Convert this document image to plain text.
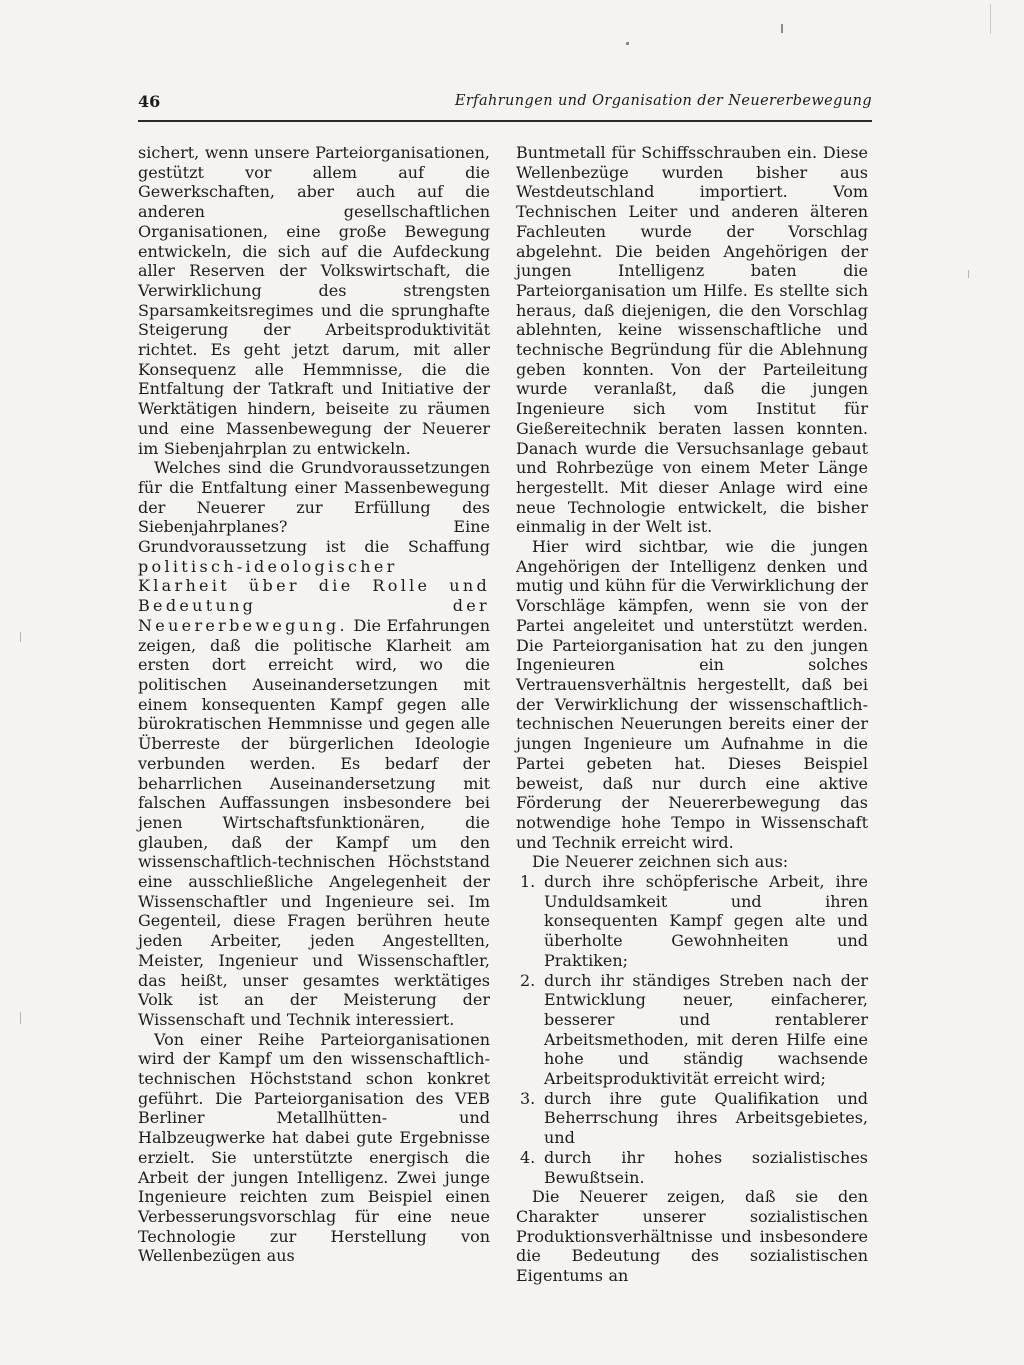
46	Erfahrungen und Organisation der Neuererbewegung

sichert, wenn unsere Parteiorganisationen, gestützt vor allem auf die Gewerkschaften, aber auch auf die anderen gesellschaftlichen Organisationen, eine große Bewegung entwickeln, die sich auf die Aufdeckung aller Reserven der Volkswirtschaft, die Verwirklichung des strengsten Sparsamkeitsregimes und die sprunghafte Steigerung der Arbeitsproduktivität richtet. Es geht jetzt darum, mit aller Konsequenz alle Hemmnisse, die die Entfaltung der Tatkraft und Initiative der Werktätigen hindern, beiseite zu räumen und eine Massenbewegung der Neuerer im Siebenjahrplan zu entwickeln.

Welches sind die Grundvoraussetzungen für die Entfaltung einer Massenbewegung der Neuerer zur Erfüllung des Siebenjahrplanes? Eine Grundvoraussetzung ist die Schaffung politisch-ideologischer Klarheit über die Rolle und Bedeutung der Neuererbewegung. Die Erfahrungen zeigen, daß die politische Klarheit am ersten dort erreicht wird, wo die politischen Auseinandersetzungen mit einem konsequenten Kampf gegen alle bürokratischen Hemmnisse und gegen alle Überreste der bürgerlichen Ideologie verbunden werden. Es bedarf der beharrlichen Auseinandersetzung mit falschen Auffassungen insbesondere bei jenen Wirtschaftsfunktionären, die glauben, daß der Kampf um den wissenschaftlich-technischen Höchststand eine ausschließliche Angelegenheit der Wissenschaftler und Ingenieure sei. Im Gegenteil, diese Fragen berühren heute jeden Arbeiter, jeden Angestellten, Meister, Ingenieur und Wissenschaftler, das heißt, unser gesamtes werktätiges Volk ist an der Meisterung der Wissenschaft und Technik interessiert.

Von einer Reihe Parteiorganisationen wird der Kampf um den wissenschaftlich-technischen Höchststand schon konkret geführt. Die Parteiorganisation des VEB Berliner Metallhütten- und Halbzeugwerke hat dabei gute Ergebnisse erzielt. Sie unterstützte energisch die Arbeit der jungen Intelligenz. Zwei junge Ingenieure reichten zum Beispiel einen Verbesserungsvorschlag für eine neue Technologie zur Herstellung von Wellenbezügen aus

Buntmetall für Schiffsschrauben ein. Diese Wellenbezüge wurden bisher aus Westdeutschland importiert. Vom Technischen Leiter und anderen älteren Fachleuten wurde der Vorschlag abgelehnt. Die beiden Angehörigen der jungen Intelligenz baten die Parteiorganisation um Hilfe. Es stellte sich heraus, daß diejenigen, die den Vorschlag ablehnten, keine wissenschaftliche und technische Begründung für die Ablehnung geben konnten. Von der Parteileitung wurde veranlaßt, daß die jungen Ingenieure sich vom Institut für Gießereitechnik beraten lassen konnten. Danach wurde die Versuchsanlage gebaut und Rohrbezüge von einem Meter Länge hergestellt. Mit dieser Anlage wird eine neue Technologie entwickelt, die bisher einmalig in der Welt ist.

Hier wird sichtbar, wie die jungen Angehörigen der Intelligenz denken und mutig und kühn für die Verwirklichung der Vorschläge kämpfen, wenn sie von der Partei angeleitet und unterstützt werden. Die Parteiorganisation hat zu den jungen Ingenieuren ein solches Vertrauensverhältnis hergestellt, daß bei der Verwirklichung der wissenschaftlich-technischen Neuerungen bereits einer der jungen Ingenieure um Aufnahme in die Partei gebeten hat. Dieses Beispiel beweist, daß nur durch eine aktive Förderung der Neuererbewegung das notwendige hohe Tempo in Wissenschaft und Technik erreicht wird.

Die Neuerer zeichnen sich aus:

1. durch ihre schöpferische Arbeit, ihre Unduldsamkeit und ihren konsequenten Kampf gegen alte und überholte Gewohnheiten und Praktiken;
2. durch ihr ständiges Streben nach der Entwicklung neuer, einfacherer, besserer und rentablerer Arbeitsmethoden, mit deren Hilfe eine hohe und ständig wachsende Arbeitsproduktivität erreicht wird;
3. durch ihre gute Qualifikation und Beherrschung ihres Arbeitsgebietes, und
4. durch ihr hohes sozialistisches Bewußtsein.

Die Neuerer zeigen, daß sie den Charakter unserer sozialistischen Produktionsverhältnisse und insbesondere die Bedeutung des sozialistischen Eigentums an
